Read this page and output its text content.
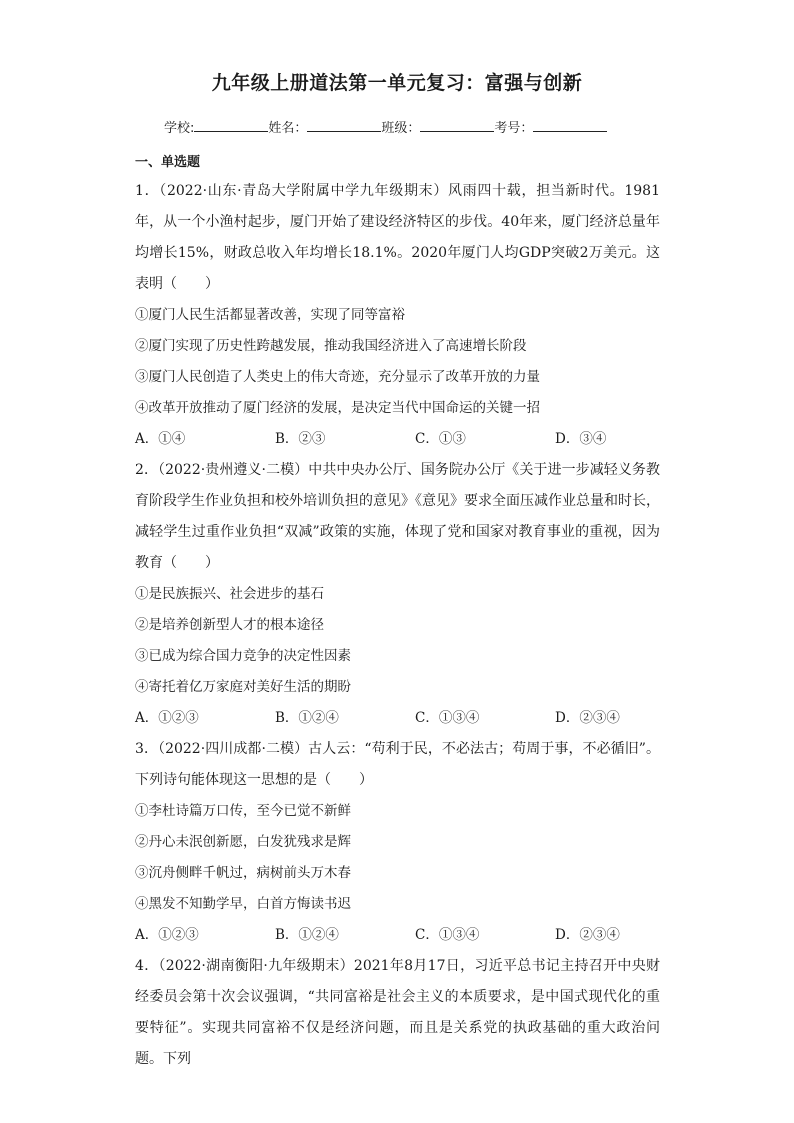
九年级上册道法第一单元复习：富强与创新
学校:	姓名：	班级：	考号：
一、单选题

1．（2022·山东·青岛大学附属中学九年级期末）风雨四十载，担当新时代。1981年，从一个小渔村起步，厦门开始了建设经济特区的步伐。40年来，厦门经济总量年均增长15%，财政总收入年均增长18.1%。2020年厦门人均GDP突破2万美元。这表明（　　）

①厦门人民生活都显著改善，实现了同等富裕

②厦门实现了历史性跨越发展，推动我国经济进入了高速增长阶段

③厦门人民创造了人类史上的伟大奇迹，充分显示了改革开放的力量

④改革开放推动了厦门经济的发展，是决定当代中国命运的关键一招

A．①④	B．②③	C．①③	D．③④

2．（2022·贵州遵义·二模）中共中央办公厅、国务院办公厅《关于进一步减轻义务教育阶段学生作业负担和校外培训负担的意见》《意见》要求全面压减作业总量和时长，减轻学生过重作业负担“双减”政策的实施，体现了党和国家对教育事业的重视，因为教育（　　）

①是民族振兴、社会进步的基石

②是培养创新型人才的根本途径

③已成为综合国力竞争的决定性因素

④寄托着亿万家庭对美好生活的期盼

A．①②③	B．①②④	C．①③④	D．②③④

3．（2022·四川成都·二模）古人云：“苟利于民，不必法古；苟周于事，不必循旧”。下列诗句能体现这一思想的是（　　）

①李杜诗篇万口传，至今已觉不新鲜

②丹心未泯创新愿，白发犹残求是辉

③沉舟侧畔千帆过，病树前头万木春

④黑发不知勤学早，白首方悔读书迟

A．①②③	B．①②④	C．①③④	D．②③④

4．（2022·湖南衡阳·九年级期末）2021年8月17日，习近平总书记主持召开中央财经委员会第十次会议强调，“共同富裕是社会主义的本质要求，是中国式现代化的重要特征”。实现共同富裕不仅是经济问题，而且是关系党的执政基础的重大政治问题。下列
